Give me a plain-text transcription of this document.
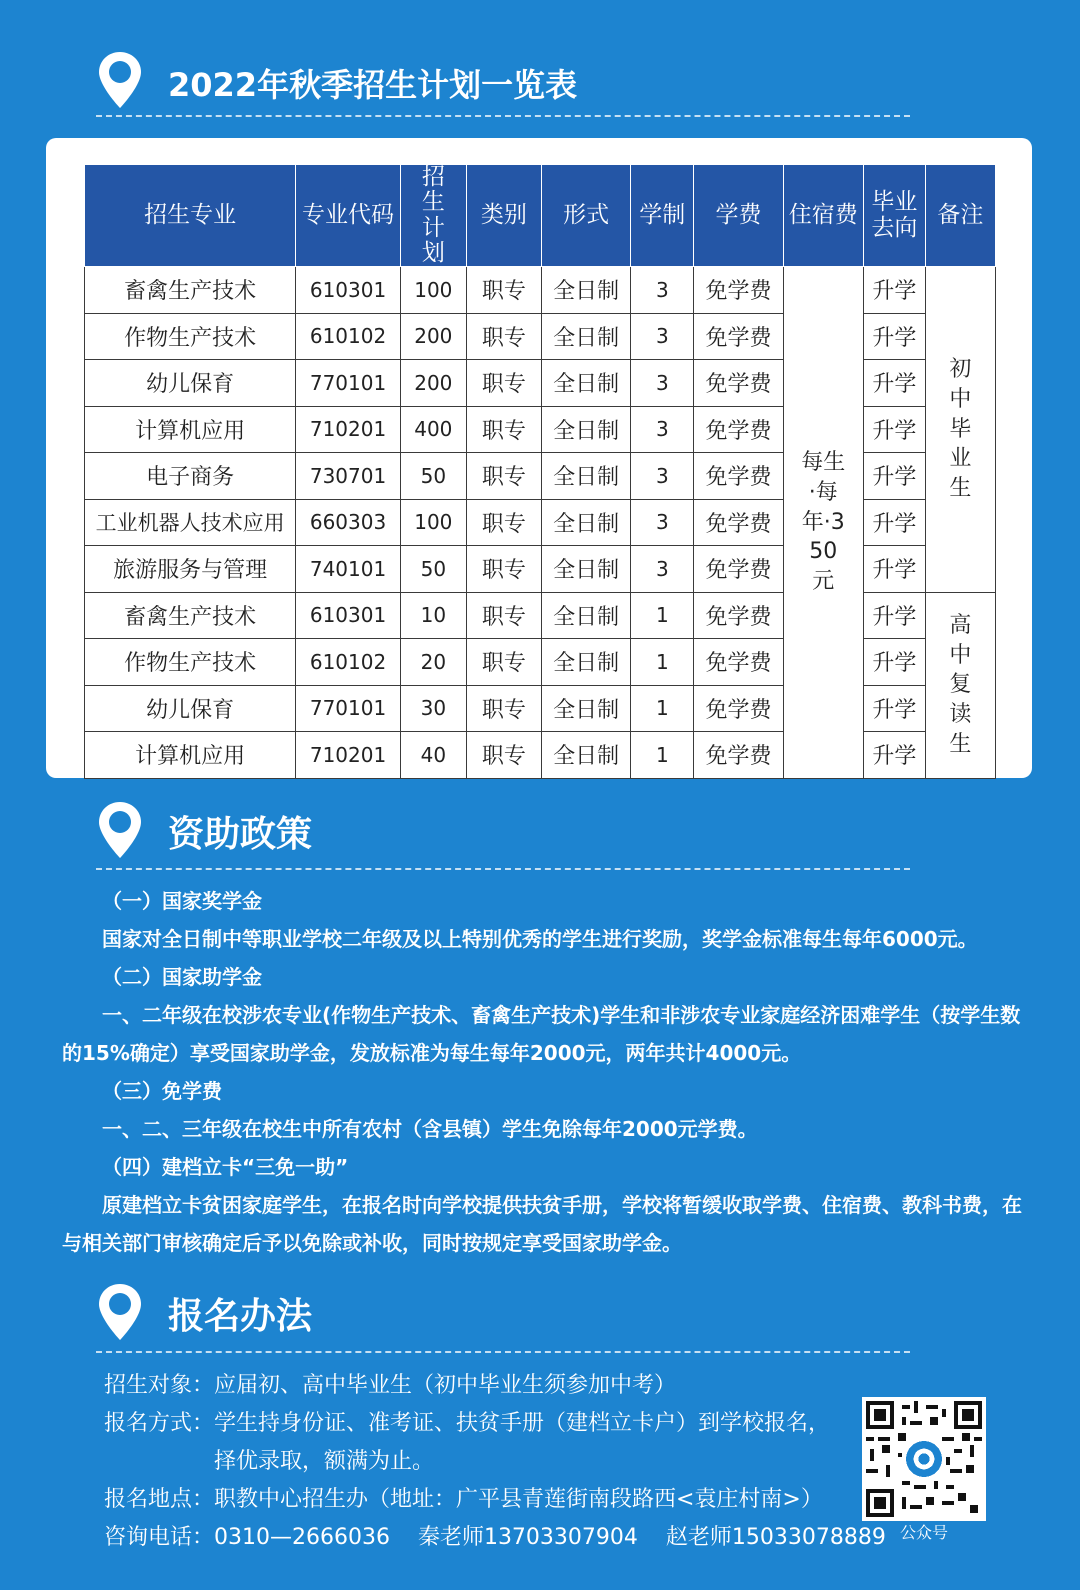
2022年秋季招生计划一览表
招生专业	专业代码	招生计划	类别	形式	学制	学费	住宿费	毕业去向	备注
畜禽生产技术	610301	100	职专	全日制	3	免学费	每生·每年·350元	升学	初中毕业生
作物生产技术	610102	200	职专	全日制	3	免学费		升学	
幼儿保育	770101	200	职专	全日制	3	免学费		升学	
计算机应用	710201	400	职专	全日制	3	免学费		升学	
电子商务	730701	50	职专	全日制	3	免学费		升学	
工业机器人技术应用	660303	100	职专	全日制	3	免学费		升学	
旅游服务与管理	740101	50	职专	全日制	3	免学费		升学	
畜禽生产技术	610301	10	职专	全日制	1	免学费		升学	高中复读生
作物生产技术	610102	20	职专	全日制	1	免学费		升学	
幼儿保育	770101	30	职专	全日制	1	免学费		升学	
计算机应用	710201	40	职专	全日制	1	免学费		升学	
资助政策
（一）国家奖学金
国家对全日制中等职业学校二年级及以上特别优秀的学生进行奖励，奖学金标准每生每年6000元。
（二）国家助学金
一、二年级在校涉农专业(作物生产技术、畜禽生产技术)学生和非涉农专业家庭经济困难学生（按学生数的15%确定）享受国家助学金，发放标准为每生每年2000元，两年共计4000元。
（三）免学费
一、二、三年级在校生中所有农村（含县镇）学生免除每年2000元学费。
（四）建档立卡“三免一助”
原建档立卡贫困家庭学生，在报名时向学校提供扶贫手册，学校将暂缓收取学费、住宿费、教科书费，在与相关部门审核确定后予以免除或补收，同时按规定享受国家助学金。
报名办法
招生对象： 应届初、高中毕业生（初中毕业生须参加中考）
报名方式： 学生持身份证、准考证、扶贫手册（建档立卡户）到学校报名，
择优录取，额满为止。
报名地点： 职教中心招生办（地址：广平县青莲街南段路西<袁庄村南>）
咨询电话： 0310—2666036    秦老师13703307904    赵老师15033078889 公众号
